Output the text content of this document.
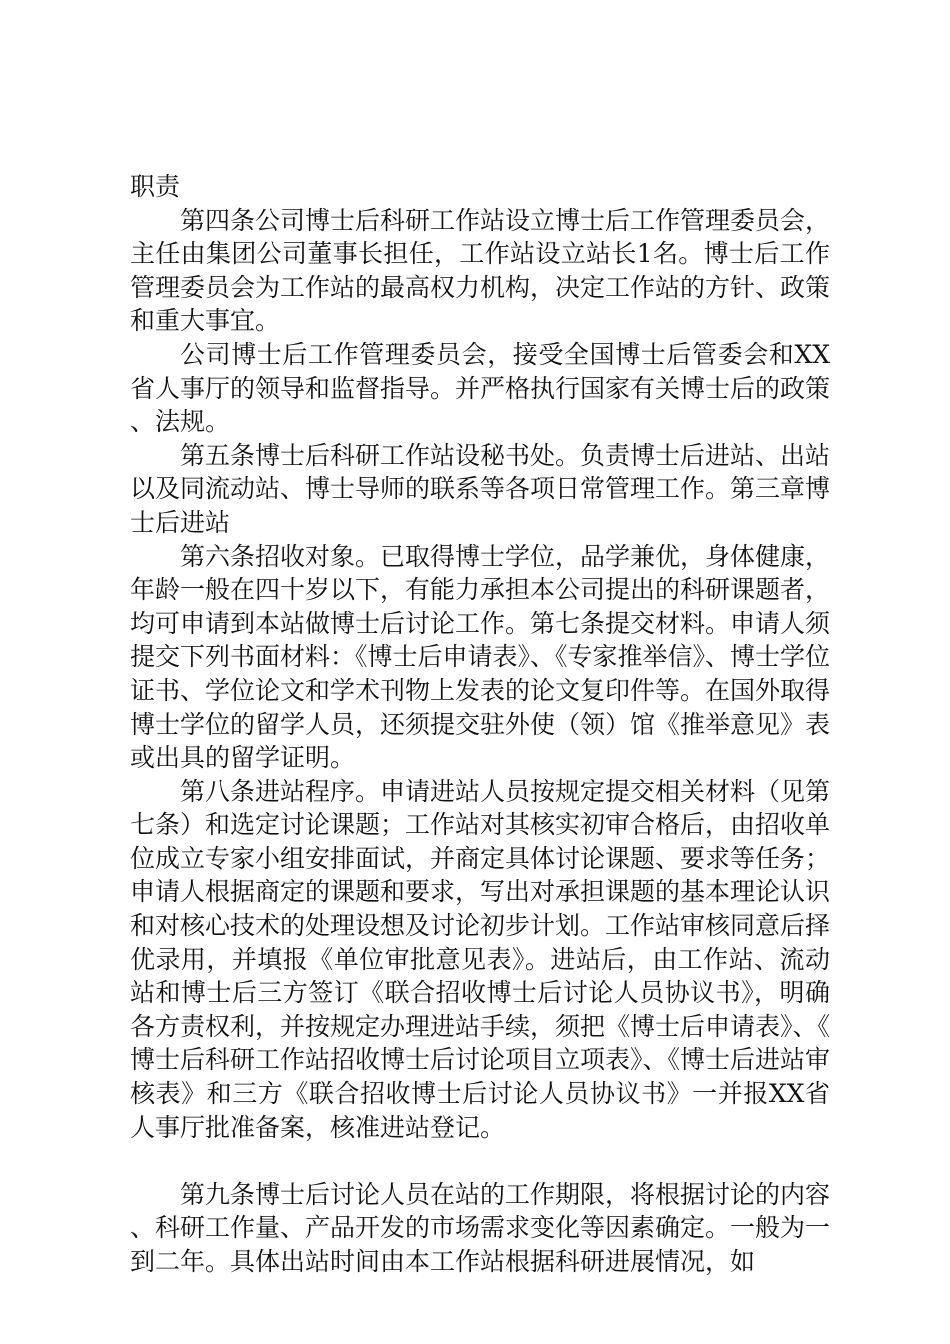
职责

第四条公司博士后科研工作站设立博士后工作管理委员会，主任由集团公司董事长担任，工作站设立站长1名。博士后工作管理委员会为工作站的最高权力机构，决定工作站的方针、政策和重大事宜。

公司博士后工作管理委员会，接受全国博士后管委会和XX省人事厅的领导和监督指导。并严格执行国家有关博士后的政策、法规。

第五条博士后科研工作站设秘书处。负责博士后进站、出站以及同流动站、博士导师的联系等各项日常管理工作。第三章博士后进站

第六条招收对象。已取得博士学位，品学兼优，身体健康，年龄一般在四十岁以下，有能力承担本公司提出的科研课题者，均可申请到本站做博士后讨论工作。第七条提交材料。申请人须提交下列书面材料：《博士后申请表》、《专家推举信》、博士学位证书、学位论文和学术刊物上发表的论文复印件等。在国外取得博士学位的留学人员，还须提交驻外使（领）馆《推举意见》表或出具的留学证明。

第八条进站程序。申请进站人员按规定提交相关材料（见第七条）和选定讨论课题；工作站对其核实初审合格后，由招收单位成立专家小组安排面试，并商定具体讨论课题、要求等任务；申请人根据商定的课题和要求，写出对承担课题的基本理论认识和对核心技术的处理设想及讨论初步计划。工作站审核同意后择优录用，并填报《单位审批意见表》。进站后，由工作站、流动站和博士后三方签订《联合招收博士后讨论人员协议书》，明确各方责权利，并按规定办理进站手续，须把《博士后申请表》、《博士后科研工作站招收博士后讨论项目立项表》、《博士后进站审核表》和三方《联合招收博士后讨论人员协议书》一并报XX省人事厅批准备案，核准进站登记。

第九条博士后讨论人员在站的工作期限，将根据讨论的内容、科研工作量、产品开发的市场需求变化等因素确定。一般为一到二年。具体出站时间由本工作站根据科研进展情况，如
